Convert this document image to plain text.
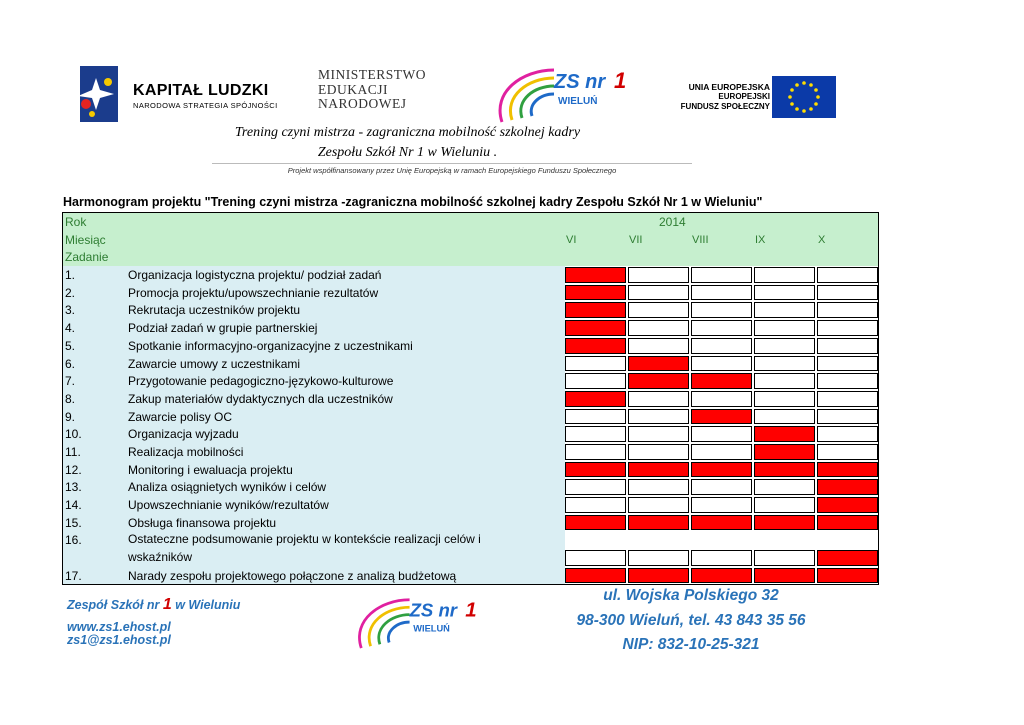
KAPITAŁ LUDZKI
NARODOWA STRATEGIA SPÓJNOŚCI
MINISTERSTWO
EDUKACJI
NARODOWEJ
ZS nr 1
WIELUŃ
UNIA EUROPEJSKA
EUROPEJSKI
FUNDUSZ SPOŁECZNY
Trening czyni mistrza - zagraniczna mobilność szkolnej kadry
Zespołu Szkół Nr 1 w Wieluniu .
Projekt współfinansowany przez Unię Europejską w ramach Europejskiego Funduszu Społecznego
Harmonogram projektu "Trening czyni mistrza -zagraniczna mobilność szkolnej kadry Zespołu Szkół Nr 1 w Wieluniu"
Rok	2014
Miesiąc	VI	VII	VIII	IX	X
Zadanie
1.	Organizacja logistyczna projektu/ podział zadań
2.	Promocja projektu/upowszechnianie rezultatów
3.	Rekrutacja uczestników projektu
4.	Podział zadań w grupie partnerskiej
5.	Spotkanie informacyjno-organizacyjne z uczestnikami
6.	Zawarcie umowy z uczestnikami
7.	Przygotowanie pedagogiczno-językowo-kulturowe
8.	Zakup materiałów dydaktycznych dla uczestników
9.	Zawarcie polisy OC
10.	Organizacja wyjzadu
11.	Realizacja mobilności
12.	Monitoring i ewaluacja projektu
13.	Analiza osiągnietych wyników i celów
14.	Upowszechnianie wyników/rezultatów
15.	Obsługa finansowa projektu
16.	Ostateczne podsumowanie projektu w kontekście realizacji celów i wskaźników
17.	Narady zespołu projektowego połączone z analizą budżetową
Zespół Szkół nr 1 w Wieluniu
www.zs1.ehost.pl
zs1@zs1.ehost.pl
ZS nr 1
WIELUŃ
ul. Wojska Polskiego 32
98-300 Wieluń, tel. 43 843 35 56
NIP: 832-10-25-321
